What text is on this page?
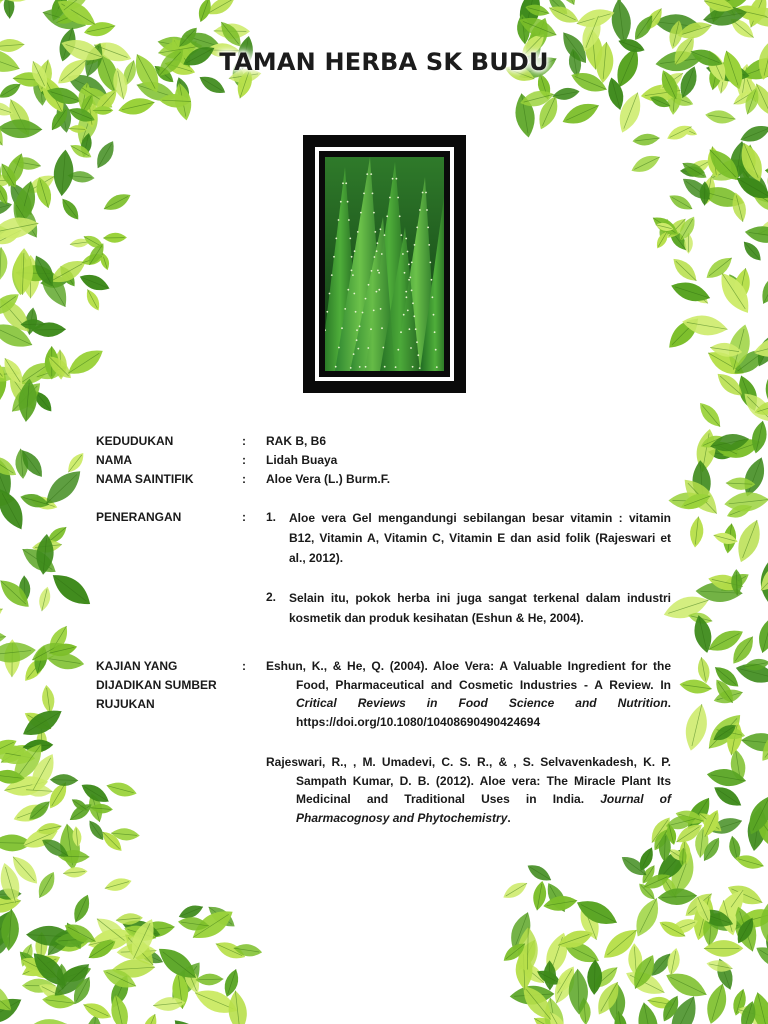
TAMAN HERBA SK BUDU
KEDUDUKAN	:	RAK B, B6
NAMA	:	Lidah Buaya
NAMA SAINTIFIK	:	Aloe Vera (L.) Burm.F.
PENERANGAN	:	1.	Aloe vera Gel mengandungi sebilangan besar vitamin : vitamin B12, Vitamin A, Vitamin C, Vitamin E dan asid folik (Rajeswari et al., 2012).
2.	Selain itu, pokok herba ini juga sangat terkenal dalam industri kosmetik dan produk kesihatan (Eshun & He, 2004).
KAJIAN YANG
DIJADIKAN SUMBER
RUJUKAN
:	Eshun, K., & He, Q. (2004). Aloe Vera: A Valuable Ingredient for the Food, Pharmaceutical and Cosmetic Industries - A Review. In Critical Reviews in Food Science and Nutrition. https://doi.org/10.1080/10408690490424694
Rajeswari, R., , M. Umadevi, C. S. R., & , S. Selvavenkadesh, K. P. Sampath Kumar, D. B. (2012). Aloe vera: The Miracle Plant Its Medicinal and Traditional Uses in India. Journal of Pharmacognosy and Phytochemistry.
